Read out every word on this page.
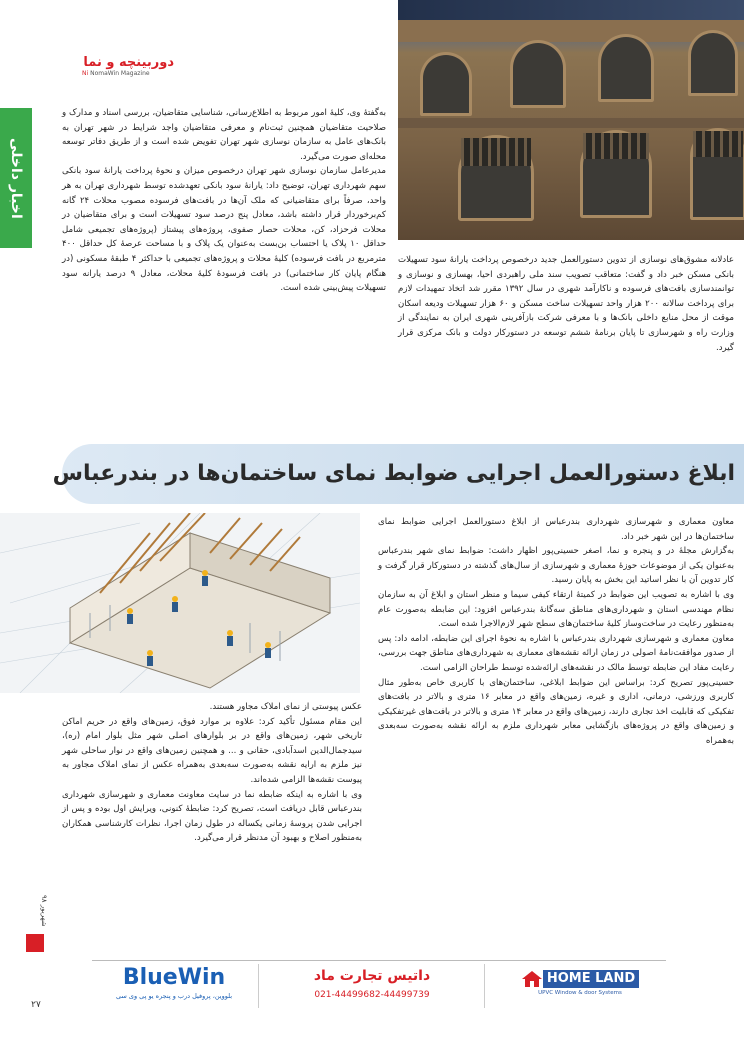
دوربینچه و نما
Ni NomaWin Magazine
اخبار داخلی
به‌گفتهٔ وی، کلیهٔ امور مربوط به اطلاع‌رسانی، شناسایی متقاضیان، بررسی اسناد و مدارک و صلاحیت متقاضیان همچنین ثبت‌نام و معرفی متقاضیان واجد شرایط در شهر تهران به بانک‌های عامل به سازمان نوسازی شهر تهران تفویض شده است و از طریق دفاتر توسعه محله‌ای صورت می‌گیرد.
مدیرعامل سازمان نوسازی شهر تهران درخصوص میزان و نحوهٔ پرداخت یارانهٔ سود بانکی سهم شهرداری تهران، توضیح داد: یارانهٔ سود بانکی تعهدشده توسط شهرداری تهران به هر واحد، صرفاً برای متقاضیانی که ملک آن‌ها در بافت‌های فرسوده مصوب محلات ۲۴ گانه کم‌برخوردار قرار داشته باشد، معادل پنج درصد سود تسهیلات است و برای متقاضیان در محلات فرحزاد، کن، محلات حصار صفوی، پروژه‌های پیشتاز (پروژه‌های تجمیعی شامل حداقل ۱۰ پلاک یا احتساب بن‌بست به‌عنوان یک پلاک و با مساحت عرصهٔ کل حداقل ۴۰۰ مترمربع در بافت فرسوده) کلیهٔ محلات و پروژه‌های تجمیعی با حداکثر ۴ طبقهٔ مسکونی (در هنگام پایان کار ساختمانی) در بافت فرسودهٔ کلیهٔ محلات، معادل ۹ درصد یارانه سود تسهیلات پیش‌بینی شده است.
عادلانه مشوق‌های نوسازی از تدوین دستورالعمل جدید درخصوص پرداخت یارانهٔ سود تسهیلات بانکی مسکن خبر داد و گفت: متعاقب تصویب سند ملی راهبردی احیا، بهسازی و نوسازی و توانمندسازی بافت‌های فرسوده و ناکارآمد شهری در سال ۱۳۹۲ مقرر شد اتخاذ تمهیدات لازم برای پرداخت سالانه ۲۰۰ هزار واحد تسهیلات ساخت مسکن و ۶۰ هزار تسهیلات ودیعه اسکان موقت از محل منابع داخلی بانک‌ها و با معرفی شرکت بازآفرینی شهری ایران به نمایندگی از وزارت راه و شهرسازی تا پایان برنامهٔ ششم توسعه در دستورکار دولت و بانک مرکزی قرار گیرد.
ابلاغ دستورالعمل اجرایی ضوابط نمای ساختمان‌ها در بندرعباس
معاون معماری و شهرسازی شهرداری بندرعباس از ابلاغ دستورالعمل اجرایی ضوابط نمای ساختمان‌ها در این شهر خبر داد.
به‌گزارش مجلهٔ در و پنجره و نما، اصغر حسینی‌پور اظهار داشت: ضوابط نمای شهر بندرعباس به‌عنوان یکی از موضوعات حوزهٔ معماری و شهرسازی از سال‌های گذشته در دستورکار قرار گرفت و کار تدوین آن با نظر اساتید این بخش به پایان رسید.
وی با اشاره به تصویب این ضوابط در کمیتهٔ ارتقاء کیفی سیما و منظر استان و ابلاغ آن به سازمان نظام مهندسی استان و شهرداری‌های مناطق سه‌گانهٔ بندرعباس افزود: این ضابطه به‌صورت عام به‌منظور رعایت در ساخت‌وساز کلیهٔ ساختمان‌های سطح شهر لازم‌الاجرا شده است.
معاون معماری و شهرسازی شهرداری بندرعباس با اشاره به نحوهٔ اجرای این ضابطه، ادامه داد: پس از صدور موافقت‌نامهٔ اصولی در زمان ارائه نقشه‌های معماری به شهرداری‌های مناطق جهت بررسی، رعایت مفاد این ضابطه توسط مالک در نقشه‌های ارائه‌شده توسط طراحان الزامی است.
حسینی‌پور تصریح کرد: براساس این ضوابط ابلاغی، ساختمان‌های با کاربری خاص به‌طور مثال کاربری ورزشی، درمانی، اداری و غیره، زمین‌های واقع در معابر ۱۶ متری و بالاتر در بافت‌های تفکیکی که قابلیت اخذ تجاری دارند، زمین‌های واقع در معابر ۱۴ متری و بالاتر در بافت‌های غیرتفکیکی و زمین‌های واقع در پروژه‌های بازگشایی معابر شهرداری ملزم به ارائه نقشه به‌صورت سه‌بعدی به‌همراه
عکس پیوستی از نمای املاک مجاور هستند.
این مقام مسئول تأکید کرد: علاوه بر موارد فوق، زمین‌های واقع در حریم اماکن تاریخی شهر، زمین‌های واقع در بر بلوارهای اصلی شهر مثل بلوار امام (ره)، سیدجمال‌الدین اسدآبادی، حقانی و ... و همچنین زمین‌های واقع در نوار ساحلی شهر نیز ملزم به ارایه نقشه به‌صورت سه‌بعدی به‌همراه عکس از نمای املاک مجاور به پیوست نقشه‌ها الزامی شده‌اند.
وی با اشاره به اینکه ضابطه نما در سایت معاونت معماری و شهرسازی شهرداری بندرعباس قابل دریافت است، تصریح کرد: ضابطهٔ کنونی، ویرایش اول بوده و پس از اجرایی شدن پروسهٔ زمانی یکساله در طول زمان اجرا، نظرات کارشناسی همکاران به‌منظور اصلاح و بهبود آن مدنظر قرار می‌گیرد.
شهریور ۹۸
۲۷
BlueWin
بلووین، پروفیل درب و پنجره یو پی وی سی
داتیس تجارت ماد
021-44499682-44499739
HOME LAND
UPVC Window & door Systems
